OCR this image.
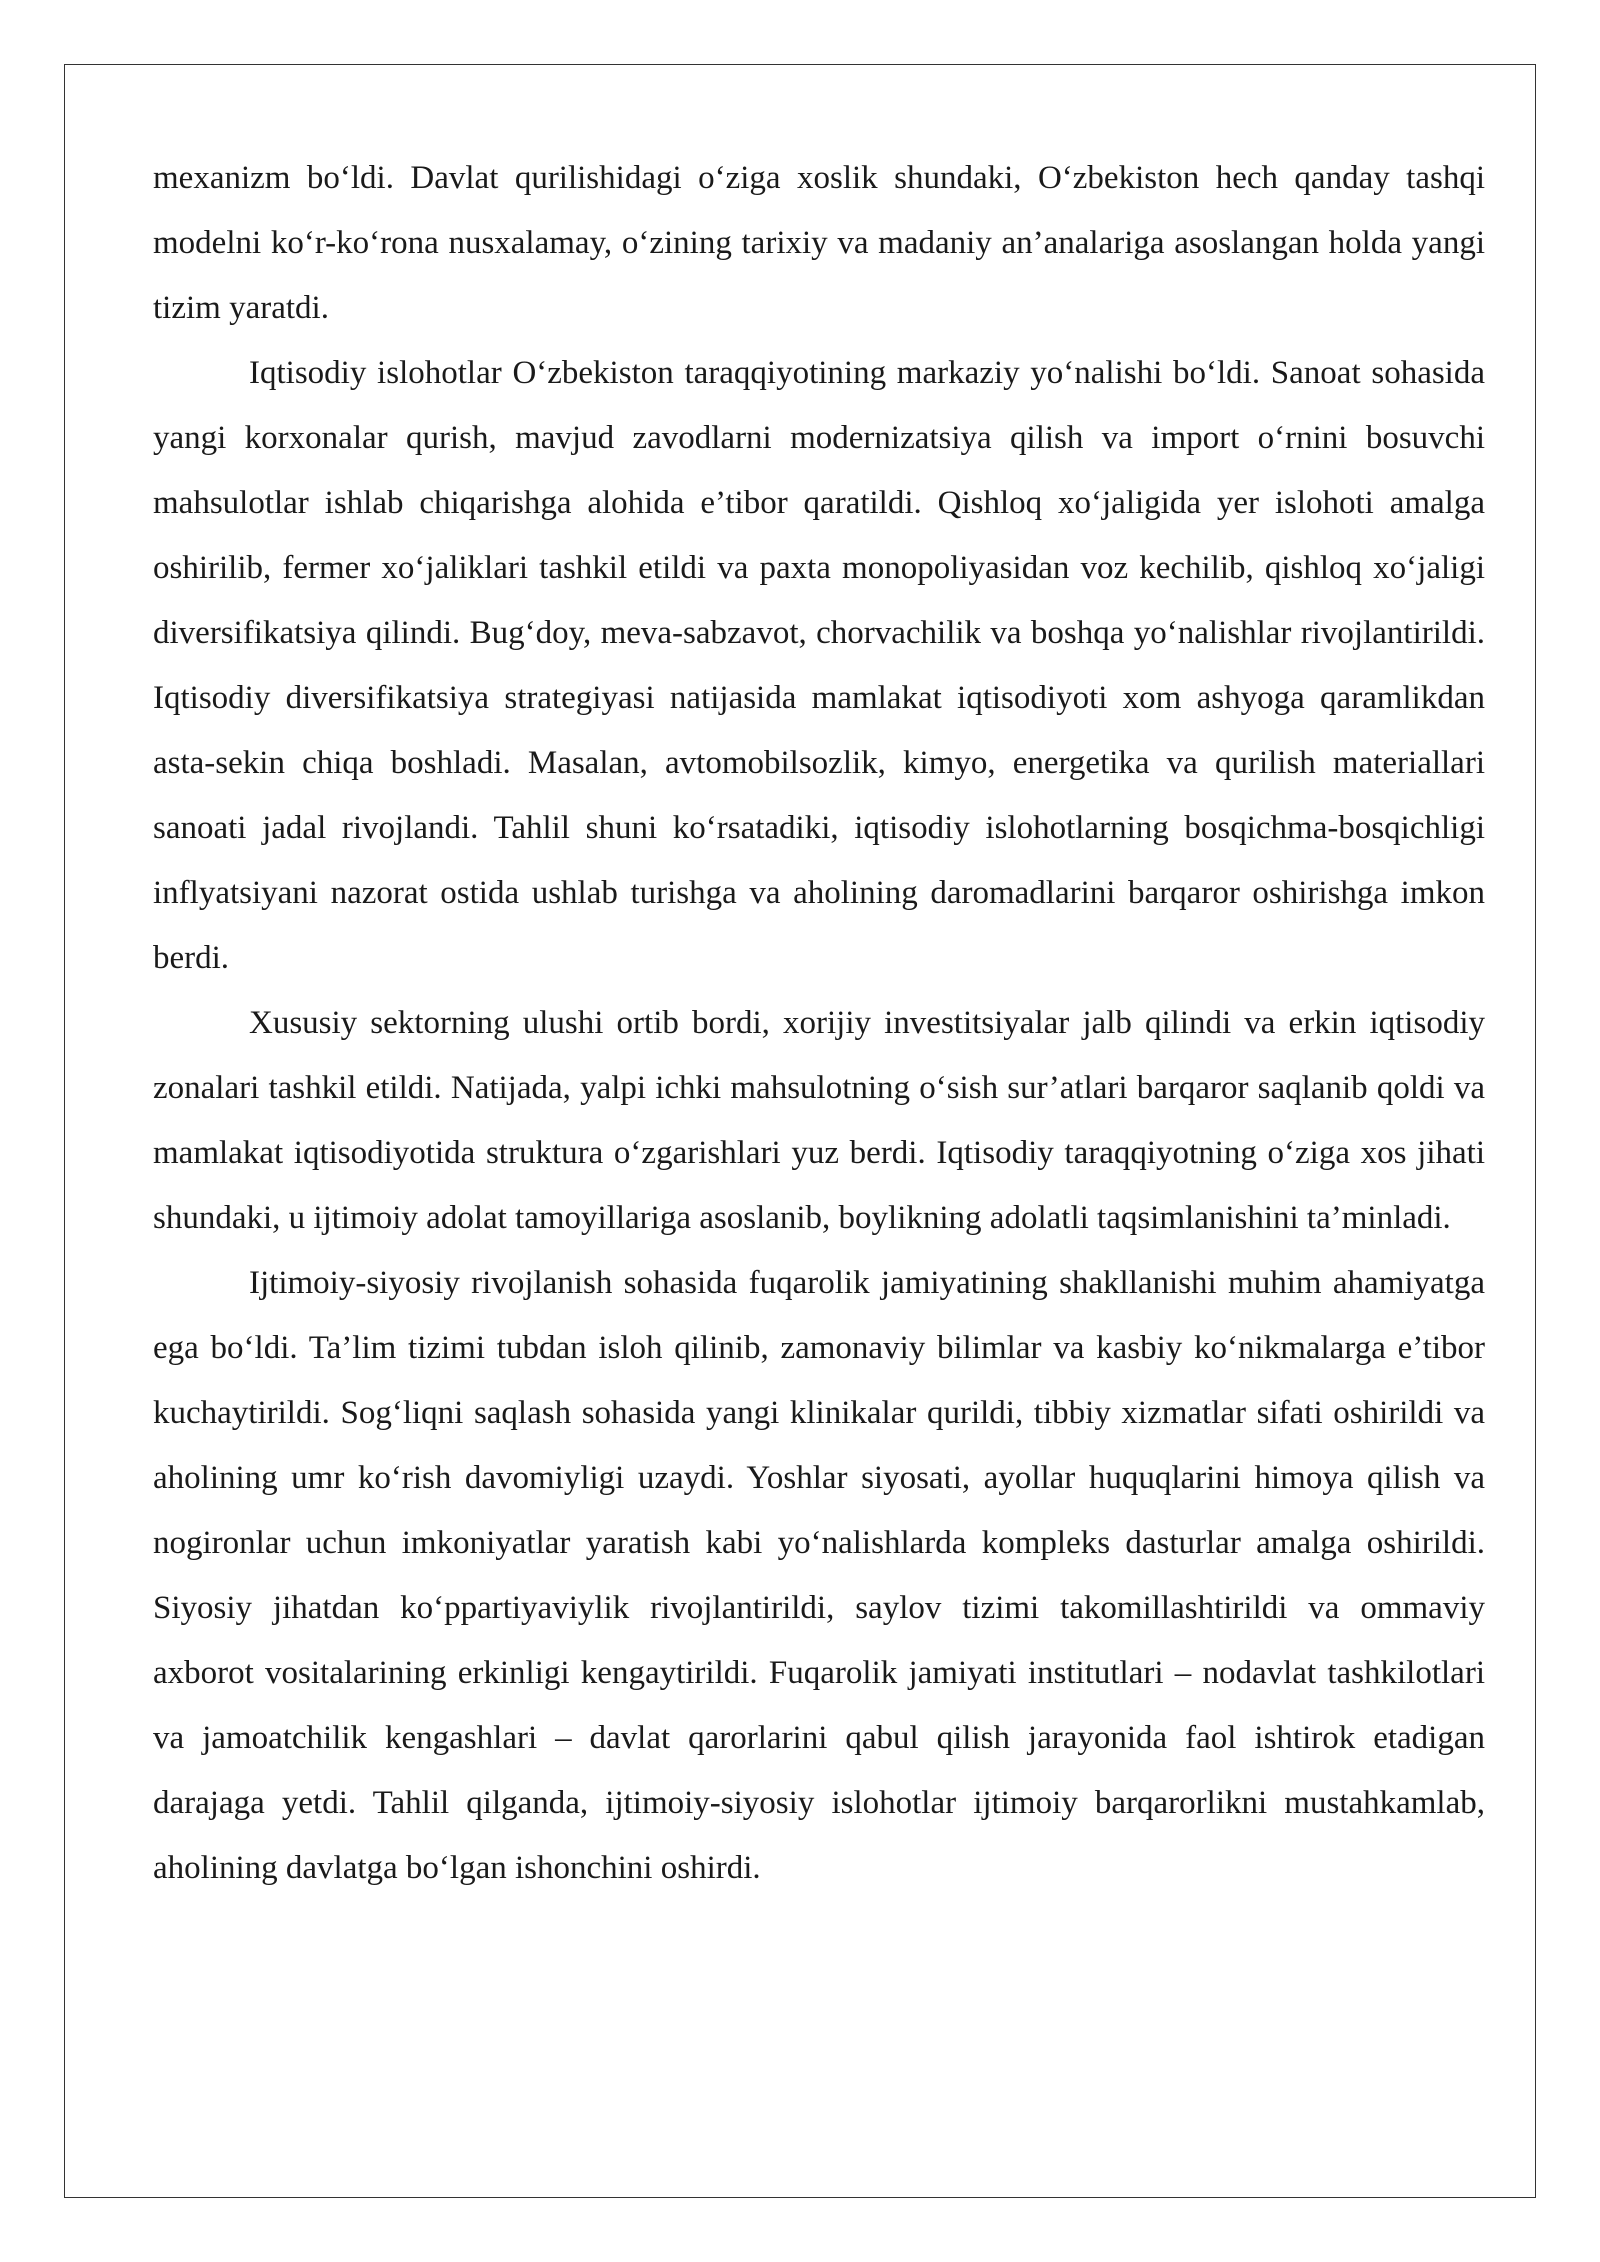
mexanizm bo‘ldi. Davlat qurilishidagi o‘ziga xoslik shundaki, O‘zbekiston hech qanday tashqi modelni ko‘r-ko‘rona nusxalamay, o‘zining tarixiy va madaniy an’analariga asoslangan holda yangi tizim yaratdi.

Iqtisodiy islohotlar O‘zbekiston taraqqiyotining markaziy yo‘nalishi bo‘ldi. Sanoat sohasida yangi korxonalar qurish, mavjud zavodlarni modernizatsiya qilish va import o‘rnini bosuvchi mahsulotlar ishlab chiqarishga alohida e’tibor qaratildi. Qishloq xo‘jaligida yer islohoti amalga oshirilib, fermer xo‘jaliklari tashkil etildi va paxta monopoliyasidan voz kechilib, qishloq xo‘jaligi diversifikatsiya qilindi. Bug‘doy, meva-sabzavot, chorvachilik va boshqa yo‘nalishlar rivojlantirildi. Iqtisodiy diversifikatsiya strategiyasi natijasida mamlakat iqtisodiyoti xom ashyoga qaramlikdan asta-sekin chiqa boshladi. Masalan, avtomobilsozlik, kimyo, energetika va qurilish materiallari sanoati jadal rivojlandi. Tahlil shuni ko‘rsatadiki, iqtisodiy islohotlarning bosqichma-bosqichligi inflyatsiyani nazorat ostida ushlab turishga va aholining daromadlarini barqaror oshirishga imkon berdi.

Xususiy sektorning ulushi ortib bordi, xorijiy investitsiyalar jalb qilindi va erkin iqtisodiy zonalari tashkil etildi. Natijada, yalpi ichki mahsulotning o‘sish sur’atlari barqaror saqlanib qoldi va mamlakat iqtisodiyotida struktura o‘zgarishlari yuz berdi. Iqtisodiy taraqqiyotning o‘ziga xos jihati shundaki, u ijtimoiy adolat tamoyillariga asoslanib, boylikning adolatli taqsimlanishini ta’minladi.

Ijtimoiy-siyosiy rivojlanish sohasida fuqarolik jamiyatining shakllanishi muhim ahamiyatga ega bo‘ldi. Ta’lim tizimi tubdan isloh qilinib, zamonaviy bilimlar va kasbiy ko‘nikmalarga e’tibor kuchaytirildi. Sog‘liqni saqlash sohasida yangi klinikalar qurildi, tibbiy xizmatlar sifati oshirildi va aholining umr ko‘rish davomiyligi uzaydi. Yoshlar siyosati, ayollar huquqlarini himoya qilish va nogironlar uchun imkoniyatlar yaratish kabi yo‘nalishlarda kompleks dasturlar amalga oshirildi. Siyosiy jihatdan ko‘ppartiyaviylik rivojlantirildi, saylov tizimi takomillashtirildi va ommaviy axborot vositalarining erkinligi kengaytirildi. Fuqarolik jamiyati institutlari – nodavlat tashkilotlari va jamoatchilik kengashlari – davlat qarorlarini qabul qilish jarayonida faol ishtirok etadigan darajaga yetdi. Tahlil qilganda, ijtimoiy-siyosiy islohotlar ijtimoiy barqarorlikni mustahkamlab, aholining davlatga bo‘lgan ishonchini oshirdi.
